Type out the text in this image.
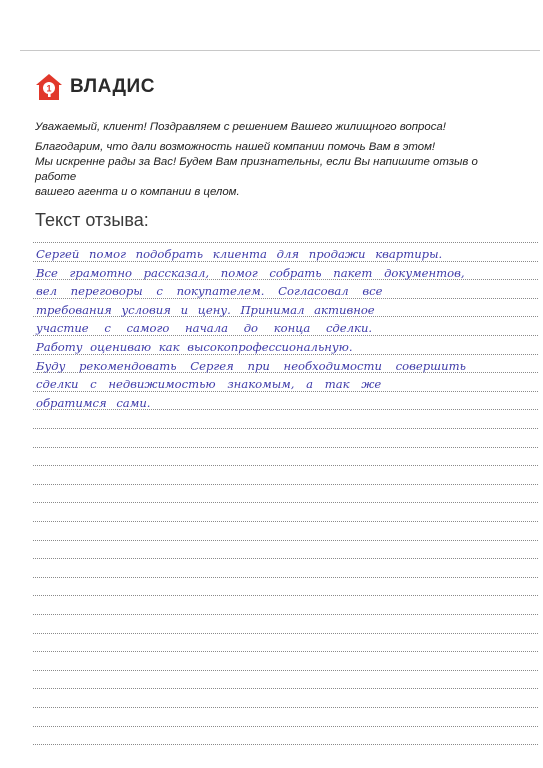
1 ВЛАДИС

Уважаемый, клиент! Поздравляем с решением Вашего жилищного вопроса!

Благодарим, что дали возможность нашей компании помочь Вам в этом!

Мы искренне рады за Вас! Будем Вам признательны, если Вы напишите отзыв о работе

вашего агента и о компании в целом.

Текст отзыва:
Сергей помог подобрать клиента для продажи квартиры.
Все грамотно рассказал, помог собрать пакет документов,
вел переговоры с покупателем. Согласовал все
требования условия и цену. Принимал активное
участие с самого начала до конца сделки.
Работу оцениваю как высокопрофессиональную.
Буду рекомендовать Сергея при необходимости совершить
сделки с недвижимостью знакомым, а так же
обратимся сами.
